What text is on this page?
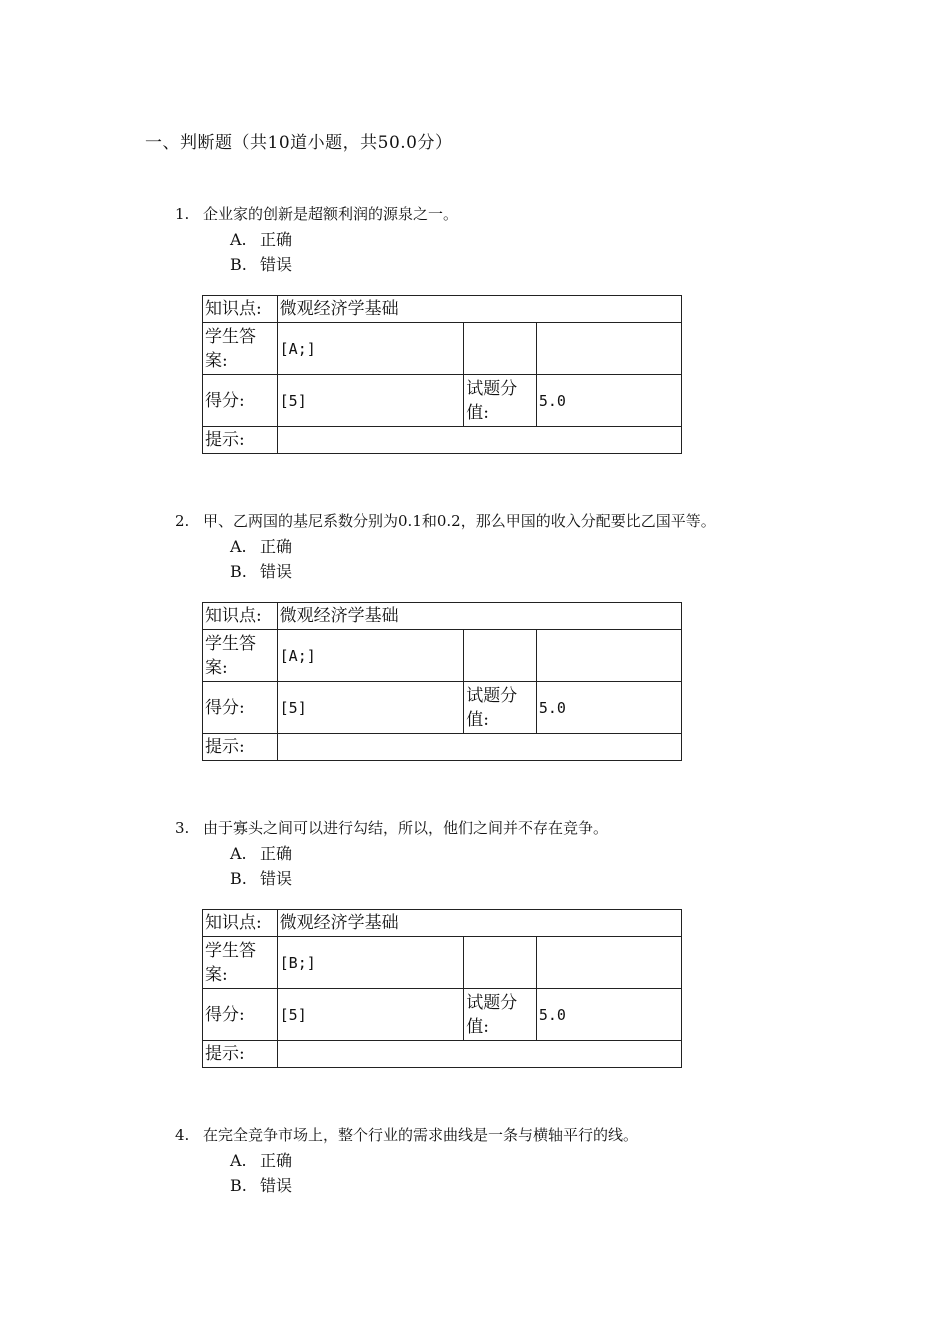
一、判断题（共10道小题，共50.0分）
1. 企业家的创新是超额利润的源泉之一。
A. 正确
B. 错误
知识点:	微观经济学基础		
学生答案:	[A;]		
得分:	[5]	试题分值:	5.0
提示:			
2. 甲、乙两国的基尼系数分别为0.1和0.2，那么甲国的收入分配要比乙国平等。
A. 正确
B. 错误
知识点:	微观经济学基础		
学生答案:	[A;]		
得分:	[5]	试题分值:	5.0
提示:			
3. 由于寡头之间可以进行勾结，所以，他们之间并不存在竞争。
A. 正确
B. 错误
知识点:	微观经济学基础		
学生答案:	[B;]		
得分:	[5]	试题分值:	5.0
提示:			
4. 在完全竞争市场上，整个行业的需求曲线是一条与横轴平行的线。
A. 正确
B. 错误
